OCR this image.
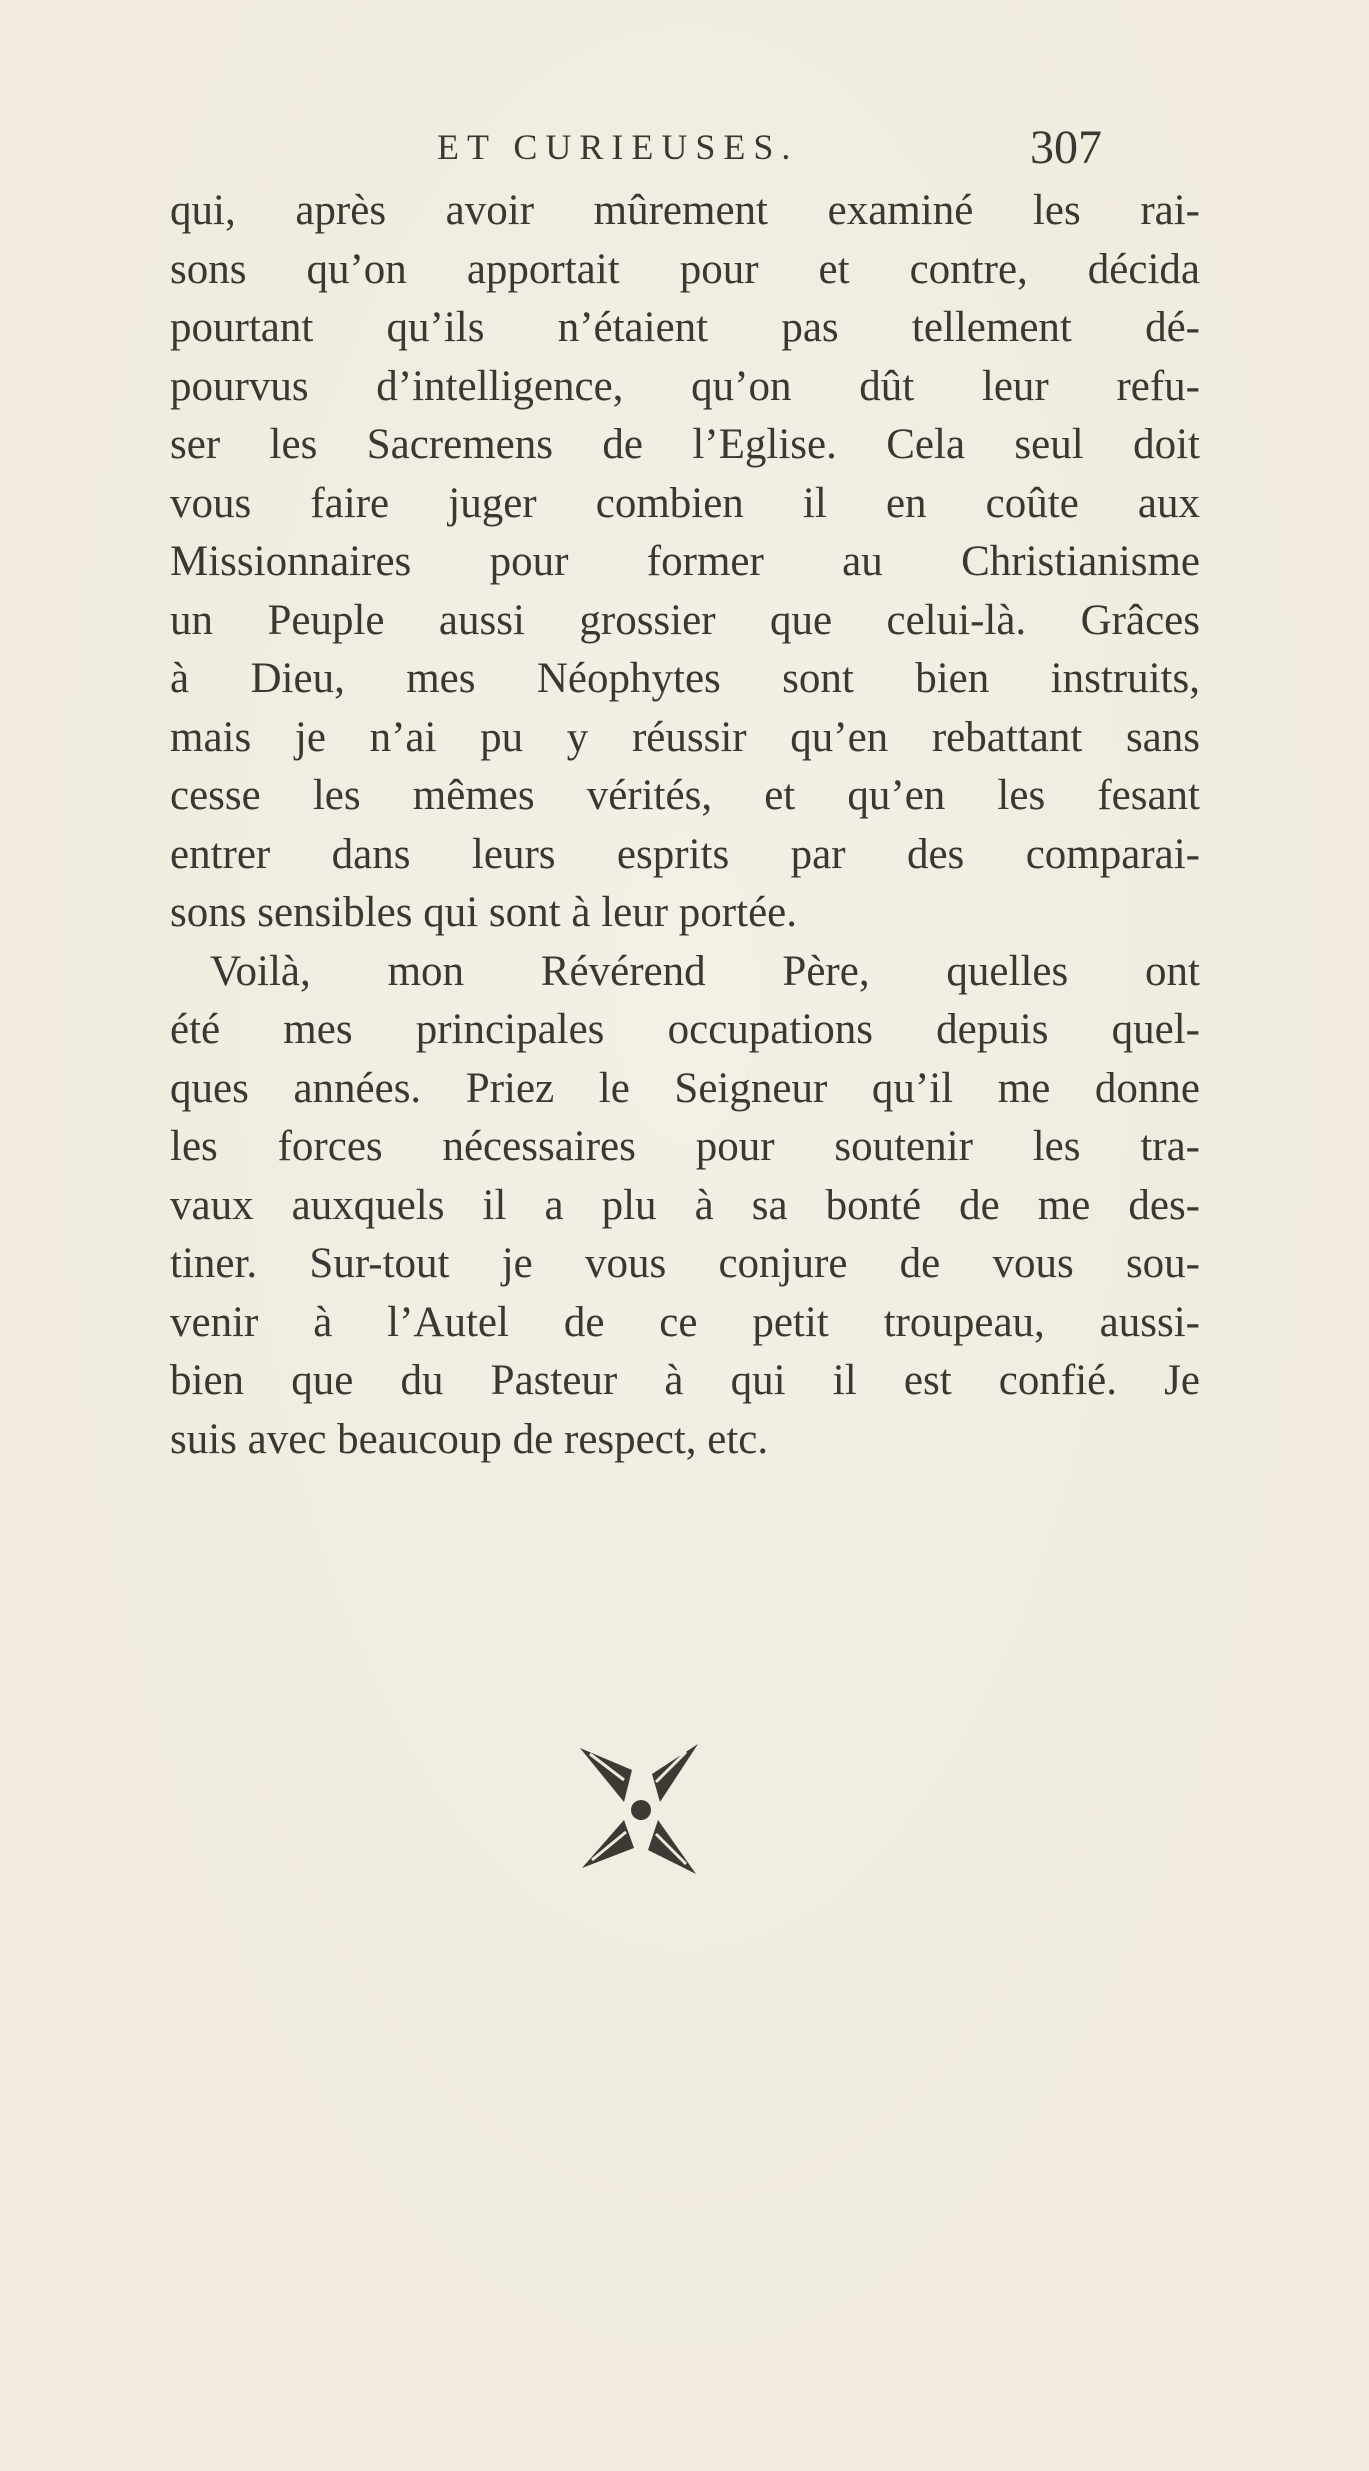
ET CURIEUSES.	307
qui, après avoir mûrement examiné les rai-
sons qu’on apportait pour et contre, décida
pourtant qu’ils n’étaient pas tellement dé-
pourvus d’intelligence, qu’on dût leur refu-
ser les Sacremens de l’Eglise. Cela seul doit
vous faire juger combien il en coûte aux
Missionnaires pour former au Christianisme
un Peuple aussi grossier que celui-là. Grâces
à Dieu, mes Néophytes sont bien instruits,
mais je n’ai pu y réussir qu’en rebattant sans
cesse les mêmes vérités, et qu’en les fesant
entrer dans leurs esprits par des comparai-
sons sensibles qui sont à leur portée.
Voilà, mon Révérend Père, quelles ont
été mes principales occupations depuis quel-
ques années. Priez le Seigneur qu’il me donne
les forces nécessaires pour soutenir les tra-
vaux auxquels il a plu à sa bonté de me des-
tiner. Sur-tout je vous conjure de vous sou-
venir à l’Autel de ce petit troupeau, aussi-
bien que du Pasteur à qui il est confié. Je
suis avec beaucoup de respect, etc.
